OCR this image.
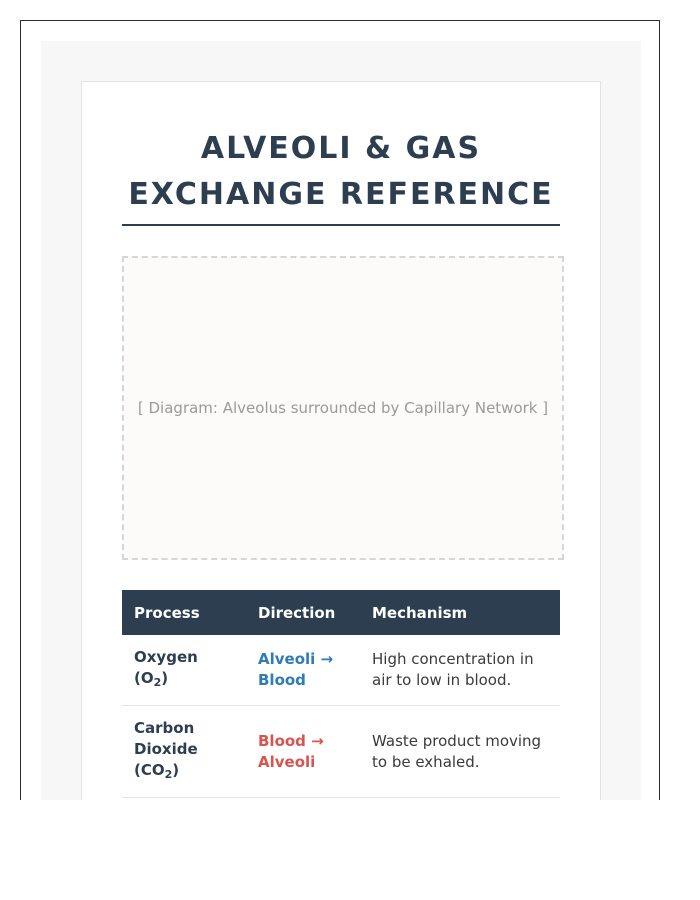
ALVEOLI & GAS EXCHANGE REFERENCE
[ Diagram: Alveolus surrounded by Capillary Network ]
Process	Direction	Mechanism
Oxygen $(O_2)$	Alveoli → Blood	High concentration in air to low in blood.
Carbon Dioxide $(CO_2)$	Blood → Alveoli	Waste product moving to be exhaled.
